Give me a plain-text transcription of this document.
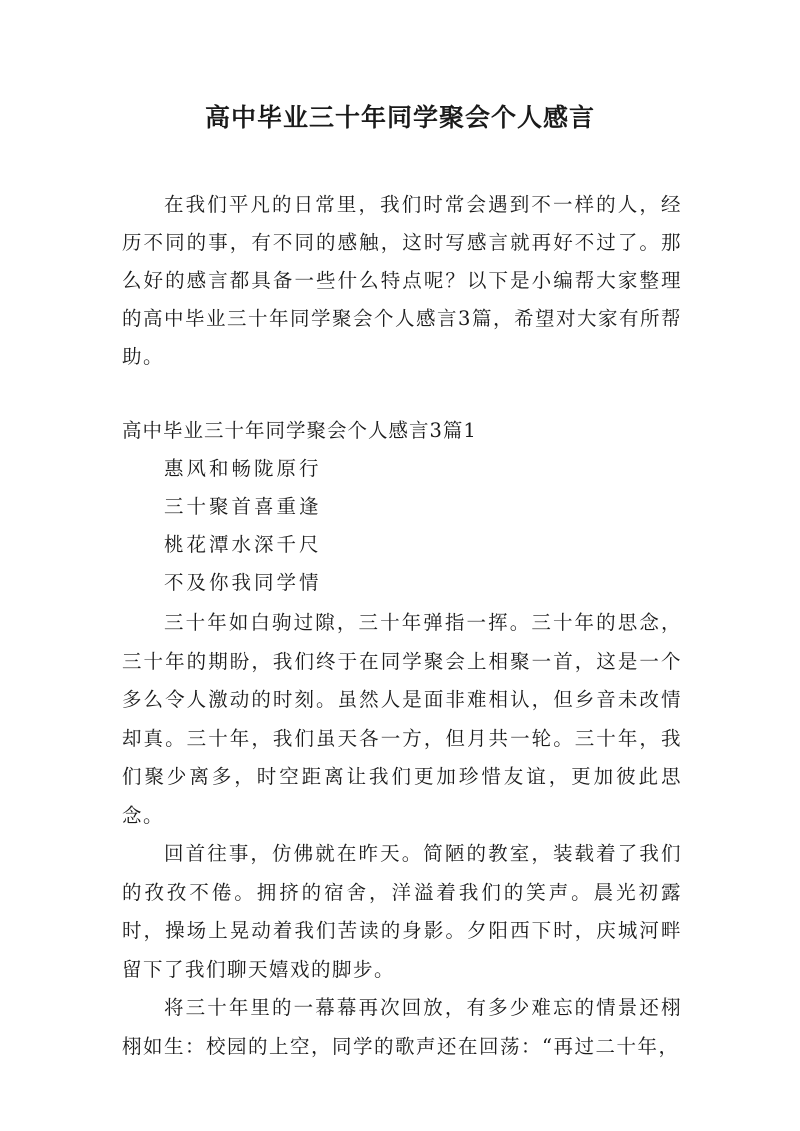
高中毕业三十年同学聚会个人感言

在我们平凡的日常里，我们时常会遇到不一样的人，经历不同的事，有不同的感触，这时写感言就再好不过了。那么好的感言都具备一些什么特点呢？以下是小编帮大家整理的高中毕业三十年同学聚会个人感言3篇，希望对大家有所帮助。

高中毕业三十年同学聚会个人感言3篇1
惠风和畅陇原行
三十聚首喜重逢
桃花潭水深千尺
不及你我同学情

三十年如白驹过隙，三十年弹指一挥。三十年的思念，三十年的期盼，我们终于在同学聚会上相聚一首，这是一个多么令人激动的时刻。虽然人是面非难相认，但乡音未改情却真。三十年，我们虽天各一方，但月共一轮。三十年，我们聚少离多，时空距离让我们更加珍惜友谊，更加彼此思念。

回首往事，仿佛就在昨天。简陋的教室，装载着了我们的孜孜不倦。拥挤的宿舍，洋溢着我们的笑声。晨光初露时，操场上晃动着我们苦读的身影。夕阳西下时，庆城河畔留下了我们聊天嬉戏的脚步。

将三十年里的一幕幕再次回放，有多少难忘的情景还栩栩如生：校园的上空，同学的歌声还在回荡：“再过二十年，
